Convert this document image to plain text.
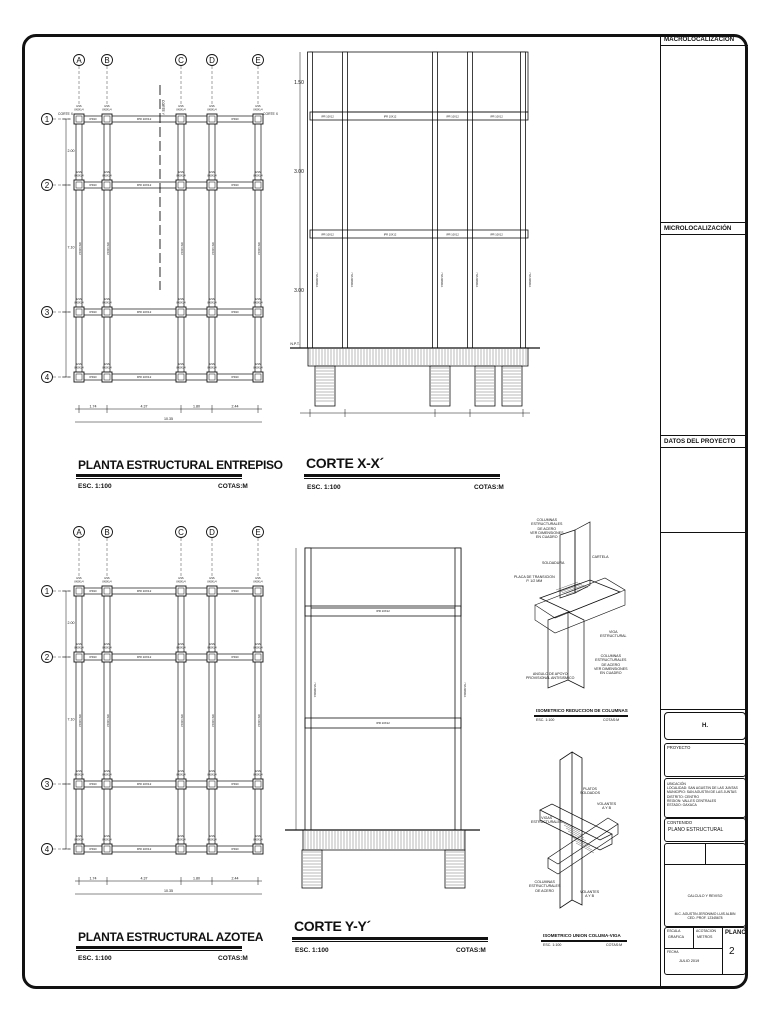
A	B	C	D	E
1
2
3
4
IPR 10X12
IPR10	IPR10
IPR 10X12
IPR10	IPR10
IPR 10X12
IPR10	IPR10
IPR 10X12
IPR10	IPR10
IPR 10X12	IPR 10X12	IPR 10X12	IPR 10X12	IPR 10X12
HSS
8X8X1/4
HSS
8X8X1/4
HSS
8X8X1/4
HSS
8X8X1/4
HSS
8X8X1/4
HSS
8X8X1/4
HSS
8X8X1/4
HSS
8X8X1/4
HSS
8X8X1/4
HSS
8X8X1/4
HSS
8X8X1/4
HSS
8X8X1/4
HSS
8X8X1/4
HSS
8X8X1/4
HSS
8X8X1/4
HSS
8X8X1/4
HSS
8X8X1/4
HSS
8X8X1/4
HSS
8X8X1/4
HSS
8X8X1/4
1.74	4.37	1.80	2.44
10.35
2.00
7.10
CORTE X	CORTE X
CORTE Y
A	B	C	D	E
1
2
3
4
IPR 10X12
IPR10	IPR10
IPR 10X12
IPR10	IPR10
IPR 10X12
IPR10	IPR10
IPR 10X12
IPR10	IPR10
IPR 10X12	IPR 10X12	IPR 10X12	IPR 10X12	IPR 10X12
HSS
8X8X1/4
HSS
8X8X1/4
HSS
8X8X1/4
HSS
8X8X1/4
HSS
8X8X1/4
HSS
8X8X1/4
HSS
8X8X1/4
HSS
8X8X1/4
HSS
8X8X1/4
HSS
8X8X1/4
HSS
8X8X1/4
HSS
8X8X1/4
HSS
8X8X1/4
HSS
8X8X1/4
HSS
8X8X1/4
HSS
8X8X1/4
HSS
8X8X1/4
HSS
8X8X1/4
HSS
8X8X1/4
HSS
8X8X1/4
1.74	4.37	1.80	2.44
10.35
2.00
7.10
IPR 10X12	IPR 10X12	IPR 10X12	IPR 10X12
IPR 10X12	IPR 10X12	IPR 10X12	IPR 10X12
HSS 8X8X1/4	HSS 8X8X1/4	HSS 8X8X1/4	HSS 8X8X1/4	HSS 8X8X1/4
1.50
3.00
3.00
N.P.T.
IPR 10X12
IPR 10X12
HSS 8X8X1/4	HSS 8X8X1/4
PLANTA ESTRUCTURAL ENTREPISO
ESC. 1:100	COTAS:M
CORTE X-X´
ESC. 1:100	COTAS:M
PLANTA ESTRUCTURAL AZOTEA
ESC. 1:100	COTAS:M
CORTE Y-Y´
ESC. 1:100	COTAS:M
ISOMETRICO REDUCCION DE COLUMNAS
ESC. 1:100	COTAS:M
ISOMETRICO UNION COLUMA-VIGA
ESC. 1:100	COTAS:M
COLUMNAS
ESTRUCTURALES
DE ACERO
VER DIMENSIONES
EN CUADRO
SOLDADURA
CARTELA
PLACA DE TRANSICION
P. 1/2 MM
VIGA
ESTRUCTURAL
COLUMNAS
ESTRUCTURALES
DE ACERO
VER DIMENSIONES
EN CUADRO
ANGULO DE APOYO
PROVISIONAL ANTISISMICO
PLATOS
SOLDADOS
VIGAS
ESTRUCTURALES
VOLANTES
A Y B
COLUMNAS
ESTRUCTURALES
DE ACERO	VOLANTES
A Y B
MACROLOCALIZACIÓN
MICROLOCALIZACIÓN
DATOS DEL PROYECTO
H.
PROYECTO
UBICACIÓN
LOCALIDAD: SAN AGUSTIN DE LAS JUNTAS
MUNICIPIO: SAN AGUSTIN DE LAS JUNTAS
DISTRITO: CENTRO
REGION: VALLES CENTRALES
ESTADO: OAXACA
CONTENIDO
PLANO ESTRUCTURAL
CALCULO Y REVISO
M.C. AGUSTIN JERONIMO LUIS ALBIN
CED. PROF. 12345678
ESCALA
GRAFICA
ACOTACION
METROS
FECHA
JULIO 2019
PLANO
2
